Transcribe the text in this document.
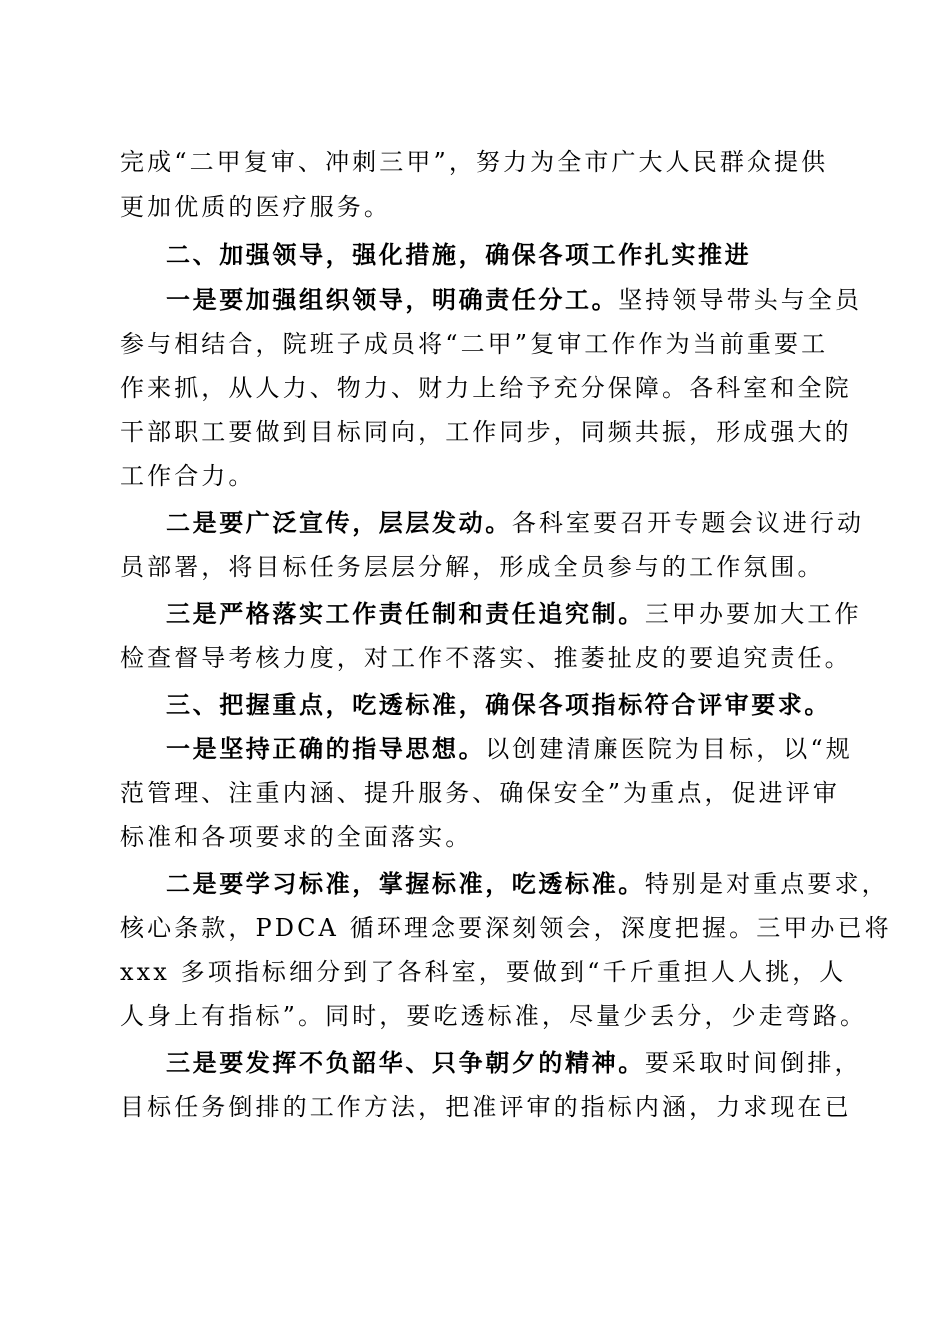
完成“二甲复审、冲刺三甲”，努力为全市广大人民群众提供
更加优质的医疗服务。
二、加强领导，强化措施，确保各项工作扎实推进
一是要加强组织领导，明确责任分工。坚持领导带头与全员
参与相结合，院班子成员将“二甲”复审工作作为当前重要工
作来抓，从人力、物力、财力上给予充分保障。各科室和全院
干部职工要做到目标同向，工作同步，同频共振，形成强大的
工作合力。
二是要广泛宣传，层层发动。各科室要召开专题会议进行动
员部署，将目标任务层层分解，形成全员参与的工作氛围。
三是严格落实工作责任制和责任追究制。三甲办要加大工作
检查督导考核力度，对工作不落实、推萎扯皮的要追究责任。
三、把握重点，吃透标准，确保各项指标符合评审要求。
一是坚持正确的指导思想。以创建清廉医院为目标，以“规
范管理、注重内涵、提升服务、确保安全”为重点，促进评审
标准和各项要求的全面落实。
二是要学习标准，掌握标准，吃透标准。特别是对重点要求，
核心条款，PDCA 循环理念要深刻领会，深度把握。三甲办已将
xxx 多项指标细分到了各科室，要做到“千斤重担人人挑，人
人身上有指标”。同时，要吃透标准，尽量少丢分，少走弯路。
三是要发挥不负韶华、只争朝夕的精神。要采取时间倒排，
目标任务倒排的工作方法，把准评审的指标内涵，力求现在已
